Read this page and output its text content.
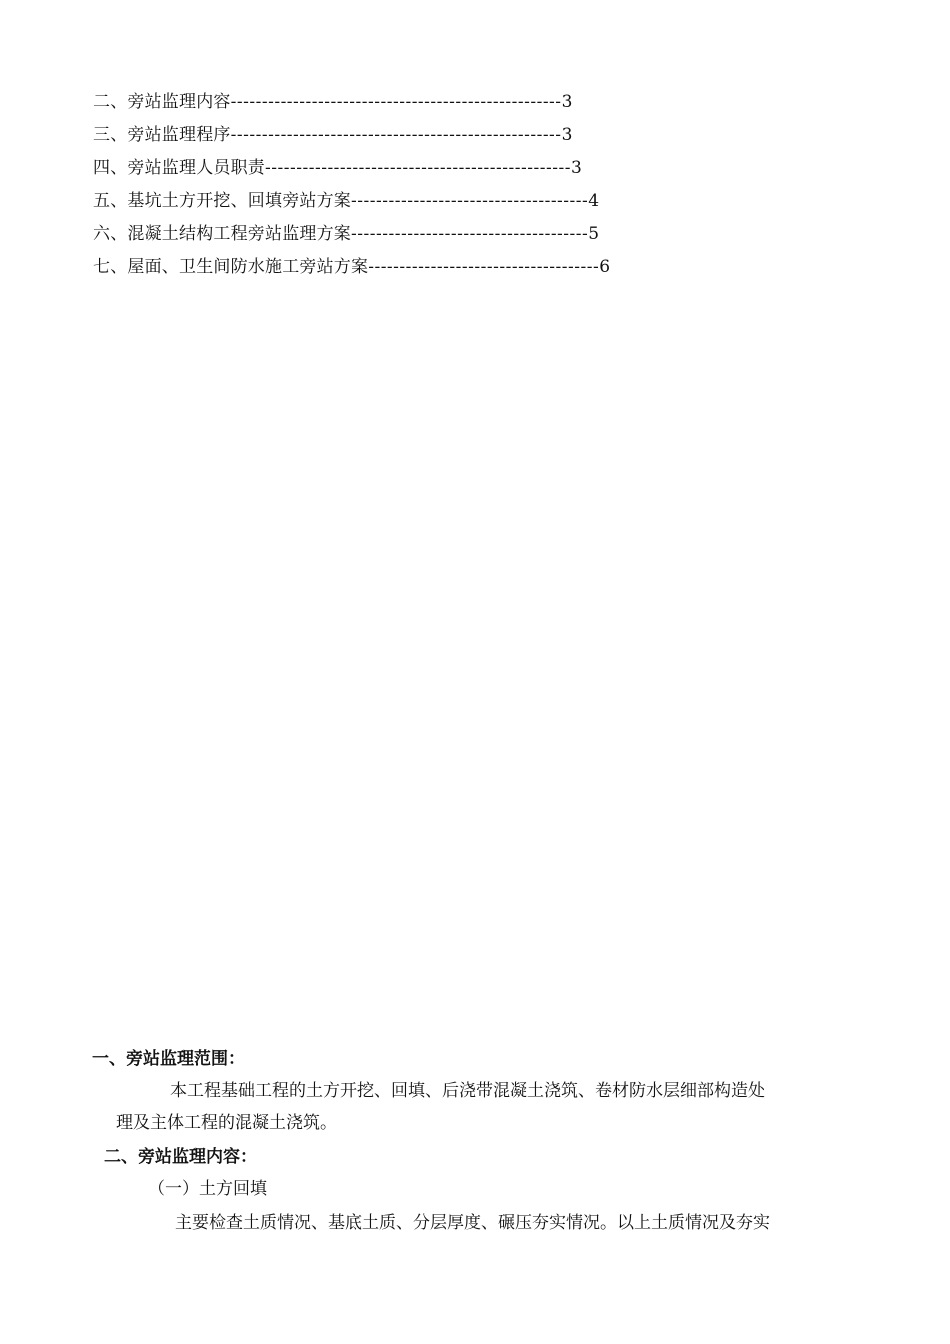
二、旁站监理内容-----------------------------------------------------3
三、旁站监理程序-----------------------------------------------------3
四、旁站监理人员职责-------------------------------------------------3
五、基坑土方开挖、回填旁站方案--------------------------------------4
六、混凝土结构工程旁站监理方案--------------------------------------5
七、屋面、卫生间防水施工旁站方案-------------------------------------6
一、旁站监理范围：
本工程基础工程的土方开挖、回填、后浇带混凝土浇筑、卷材防水层细部构造处
理及主体工程的混凝土浇筑。
二、旁站监理内容：
（一）土方回填
主要检查土质情况、基底土质、分层厚度、碾压夯实情况。以上土质情况及夯实
